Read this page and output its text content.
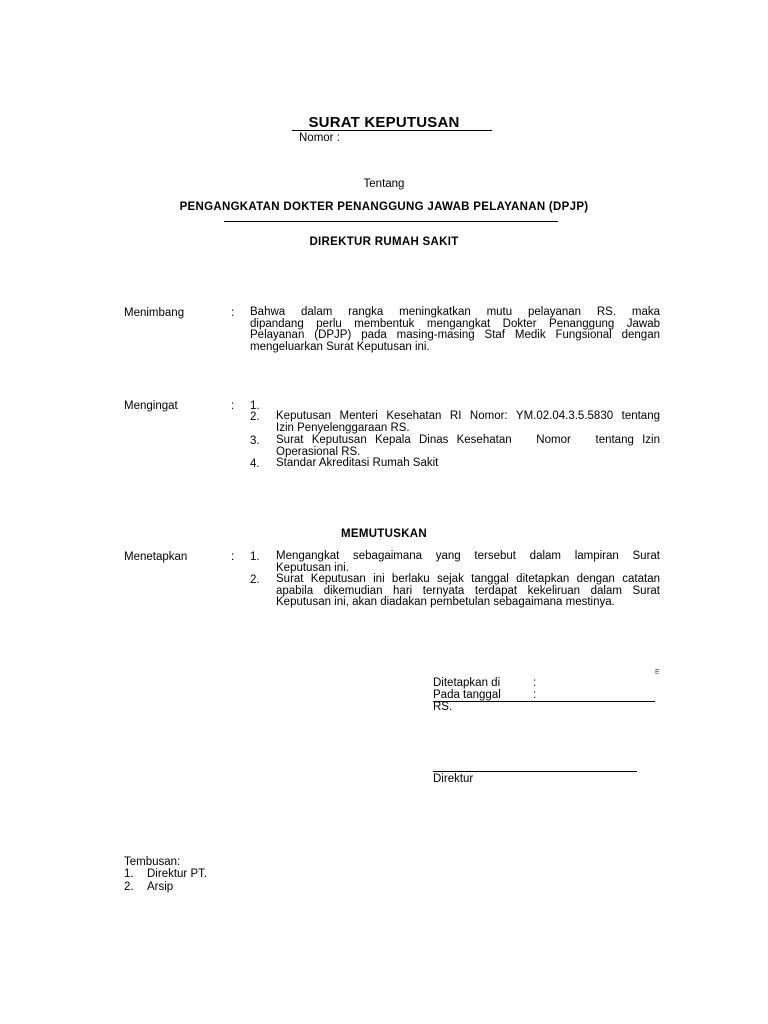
SURAT KEPUTUSAN
Nomor :
Tentang
PENGANGKATAN DOKTER PENANGGUNG JAWAB PELAYANAN (DPJP)
DIREKTUR RUMAH SAKIT
Menimbang	: Bahwa dalam rangka meningkatkan mutu pelayanan RS. maka
dipandang perlu membentuk mengangkat Dokter Penanggung Jawab
Pelayanan (DPJP) pada masing-masing Staf Medik Fungsional dengan
mengeluarkan Surat Keputusan ini.
Mengingat	: 1.
2. Keputusan Menteri Kesehatan RI Nomor: YM.02.04.3.5.5830 tentang
Izin Penyelenggaraan RS.
3. Surat Keputusan Kepala Dinas Kesehatan   Nomor   tentang Izin
Operasional RS.
4. Standar Akreditasi Rumah Sakit
MEMUTUSKAN
Menetapkan	: 1. Mengangkat sebagaimana yang tersebut dalam lampiran Surat
Keputusan ini.
2. Surat Keputusan ini berlaku sejak tanggal ditetapkan dengan catatan
apabila dikemudian hari ternyata terdapat kekeliruan dalam Surat
Keputusan ini, akan diadakan pembetulan sebagaimana mestinya.
E
Ditetapkan di	:
Pada tanggal	:
RS.
Direktur
Tembusan:
1. Direktur PT.
2. Arsip
